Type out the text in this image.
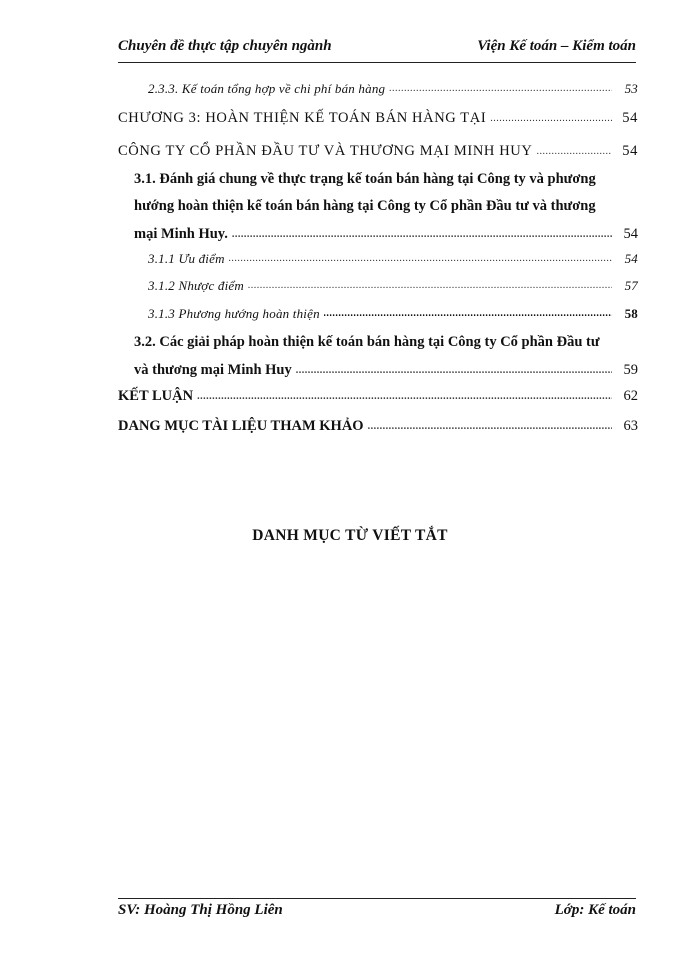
Chuyên đề thực tập chuyên ngành	Viện Kế toán – Kiểm toán
2.3.3. Kế toán tổng hợp về chi phí bán hàng .....	53
CHƯƠNG 3: HOÀN THIỆN KẾ TOÁN BÁN HÀNG TẠI .....	54
CÔNG TY CỔ PHẦN ĐẦU TƯ VÀ THƯƠNG MẠI MINH HUY .....	54
3.1. Đánh giá chung về thực trạng kế toán bán hàng tại Công ty và phương
hướng hoàn thiện kế toán bán hàng tại Công ty Cổ phần Đầu tư và thương
mại Minh Huy. .....	54
3.1.1 Ưu điểm .....	54
3.1.2 Nhược điểm .....	57
3.1.3 Phương hướng hoàn thiện .....	58
3.2. Các giải pháp hoàn thiện kế toán bán hàng tại Công ty Cổ phần Đầu tư
và thương mại Minh Huy .....	59
KẾT LUẬN .....	62
DANG MỤC TÀI LIỆU THAM KHẢO .....	63
DANH MỤC TỪ VIẾT TẮT
SV: Hoàng Thị Hồng Liên	Lớp: Kế toán
